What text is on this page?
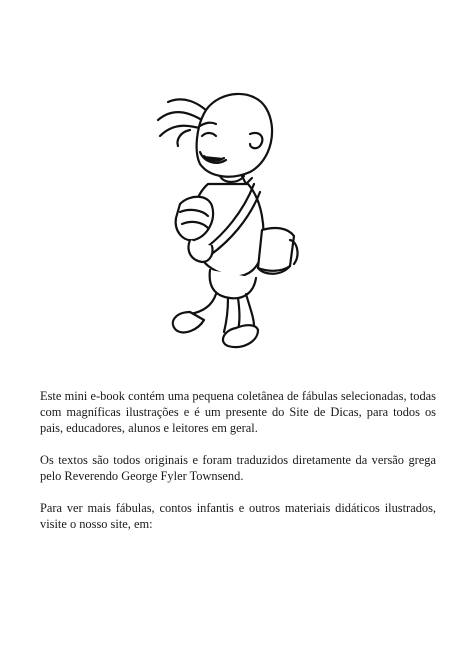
Este mini e-book contém uma pequena coletânea de fábulas selecionadas, todas com magníficas ilustrações e é um presente do Site de Dicas, para todos os pais, educadores, alunos e leitores em geral.

Os textos são todos originais e foram traduzidos diretamente da versão grega pelo Reverendo George Fyler Townsend.

Para ver mais fábulas, contos infantis e outros materiais didáticos ilustrados, visite o nosso site, em:
